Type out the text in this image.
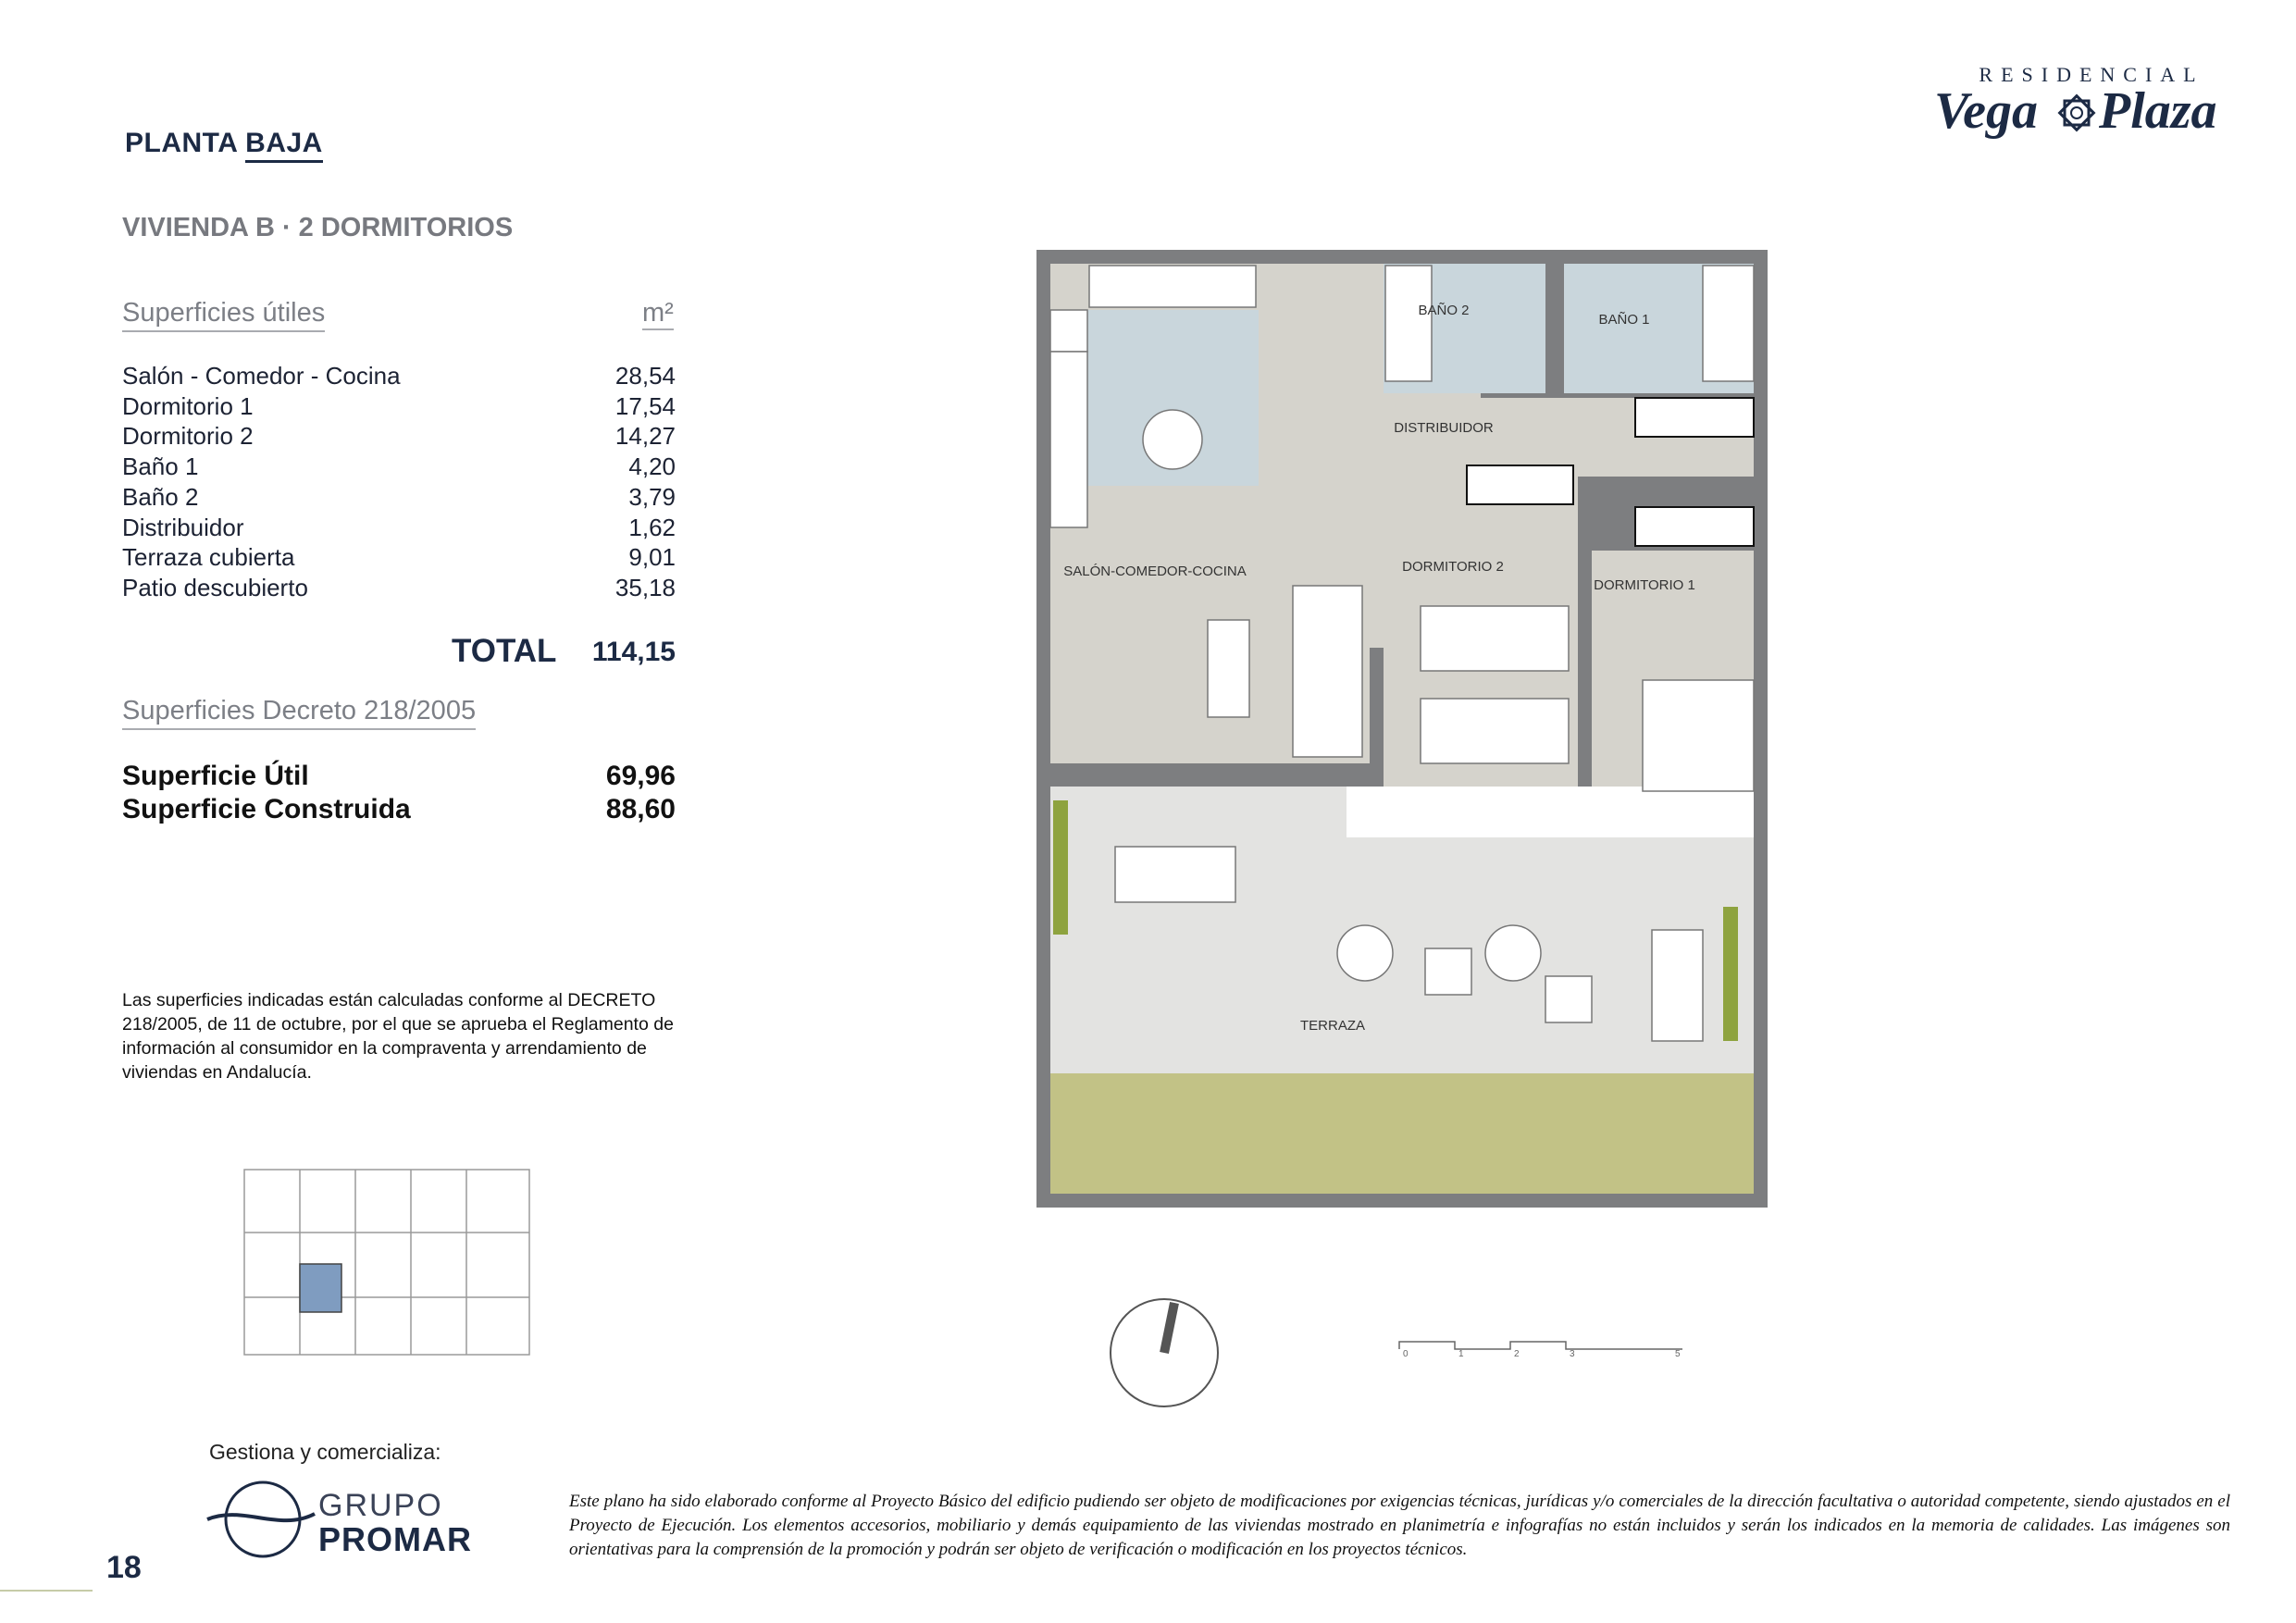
PLANTA BAJA
VIVIENDA B · 2 DORMITORIOS
RESIDENCIAL
Vega Plaza
Superficies útiles	m²
Salón - Comedor - Cocina	28,54
Dormitorio 1	17,54
Dormitorio 2	14,27
Baño 1	4,20
Baño 2	3,79
Distribuidor	1,62
Terraza cubierta	9,01
Patio descubierto	35,18
TOTAL	114,15
Superficies Decreto 218/2005
Superficie Útil	69,96
Superficie Construida	88,60
Las superficies indicadas están calculadas conforme al DECRETO 218/2005, de 11 de octubre, por el que se aprueba el Reglamento de información al consumidor en la compraventa y arrendamiento de viviendas en Andalucía.
BAÑO 2
BAÑO 1
DISTRIBUIDOR
SALÓN-COMEDOR-COCINA	DORMITORIO 2
DORMITORIO 1
TERRAZA
0	1	2	3	5
Gestiona y comercializa:
GRUPO
PROMAR
18
Este plano ha sido elaborado conforme al Proyecto Básico del edificio pudiendo ser objeto de modificaciones por exigencias técnicas, jurídicas y/o comerciales de la dirección facultativa o autoridad competente, siendo ajustados en el Proyecto de Ejecución. Los elementos accesorios, mobiliario y demás equipamiento de las viviendas mostrado en planimetría e infografías no están incluidos y serán los indicados en la memoria de calidades. Las imágenes son orientativas para la comprensión de la promoción y podrán ser objeto de verificación o modificación en los proyectos técnicos.
